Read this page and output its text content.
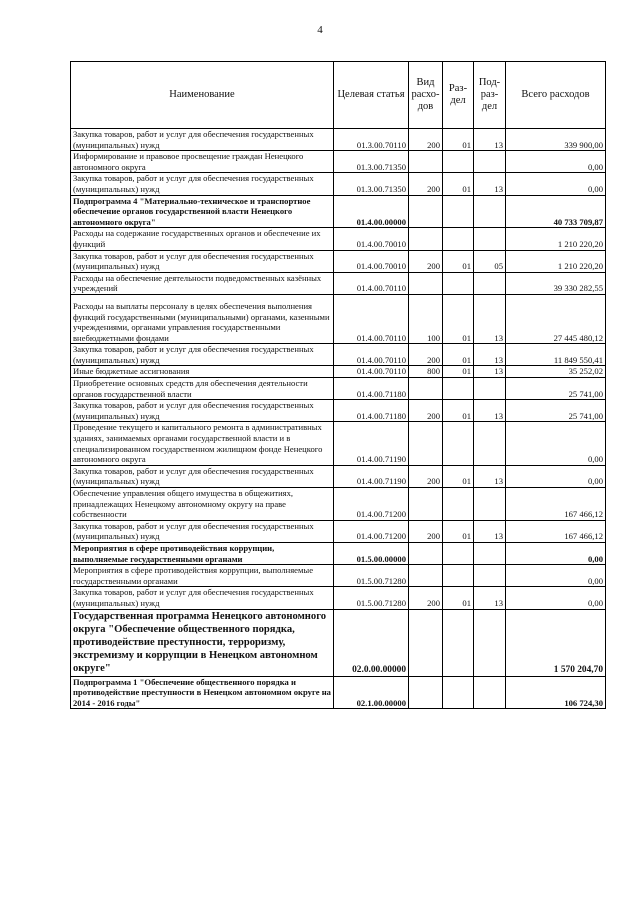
4
Наименование	Целевая статья	Вид расхо-дов	Раз-дел	Под-раз-дел	Всего расходов
Закупка товаров, работ и услуг для обеспечения государственных (муниципальных) нужд	01.3.00.70110	200	01	13	339 900,00
Информирование и правовое просвещение граждан Ненецкого автономного округа	01.3.00.71350				0,00
Закупка товаров, работ и услуг для обеспечения государственных (муниципальных) нужд	01.3.00.71350	200	01	13	0,00
Подпрограмма 4 "Материально-техническое и транспортное обеспечение органов государственной власти Ненецкого автономного округа"	01.4.00.00000				40 733 709,87
Расходы на содержание государственных органов и обеспечение их функций	01.4.00.70010				1 210 220,20
Закупка товаров, работ и услуг для обеспечения государственных (муниципальных) нужд	01.4.00.70010	200	01	05	1 210 220,20
Расходы на обеспечение деятельности подведомственных казённых учреждений	01.4.00.70110				39 330 282,55
Расходы на выплаты персоналу в целях обеспечения выполнения функций государственными (муниципальными) органами, казенными учреждениями, органами управления государственными внебюджетными фондами	01.4.00.70110	100	01	13	27 445 480,12
Закупка товаров, работ и услуг для обеспечения государственных (муниципальных) нужд	01.4.00.70110	200	01	13	11 849 550,41
Иные бюджетные ассигнования	01.4.00.70110	800	01	13	35 252,02
Приобретение основных средств для обеспечения деятельности органов государственной власти	01.4.00.71180				25 741,00
Закупка товаров, работ и услуг для обеспечения государственных (муниципальных) нужд	01.4.00.71180	200	01	13	25 741,00
Проведение текущего и капитального ремонта в административных зданиях, занимаемых органами государственной власти и в специализированном государственном жилищном фонде Ненецкого автономного округа	01.4.00.71190				0,00
Закупка товаров, работ и услуг для обеспечения государственных (муниципальных) нужд	01.4.00.71190	200	01	13	0,00
Обеспечение управления общего имущества в общежитиях, принадлежащих Ненецкому автономному округу на праве собственности	01.4.00.71200				167 466,12
Закупка товаров, работ и услуг для обеспечения государственных (муниципальных) нужд	01.4.00.71200	200	01	13	167 466,12
Мероприятия в сфере противодействия коррупции, выполняемые государственными органами	01.5.00.00000				0,00
Мероприятия в сфере противодействия коррупции, выполняемые государственными органами	01.5.00.71280				0,00
Закупка товаров, работ и услуг для обеспечения государственных (муниципальных) нужд	01.5.00.71280	200	01	13	0,00
Государственная программа Ненецкого автономного округа "Обеспечение общественного порядка, противодействие преступности, терроризму, экстремизму и коррупции в Ненецком автономном округе"	02.0.00.00000				1 570 204,70
Подпрограмма 1 "Обеспечение общественного порядка и противодействие преступности в Ненецком автономном округе на 2014 - 2016 годы"	02.1.00.00000				106 724,30
